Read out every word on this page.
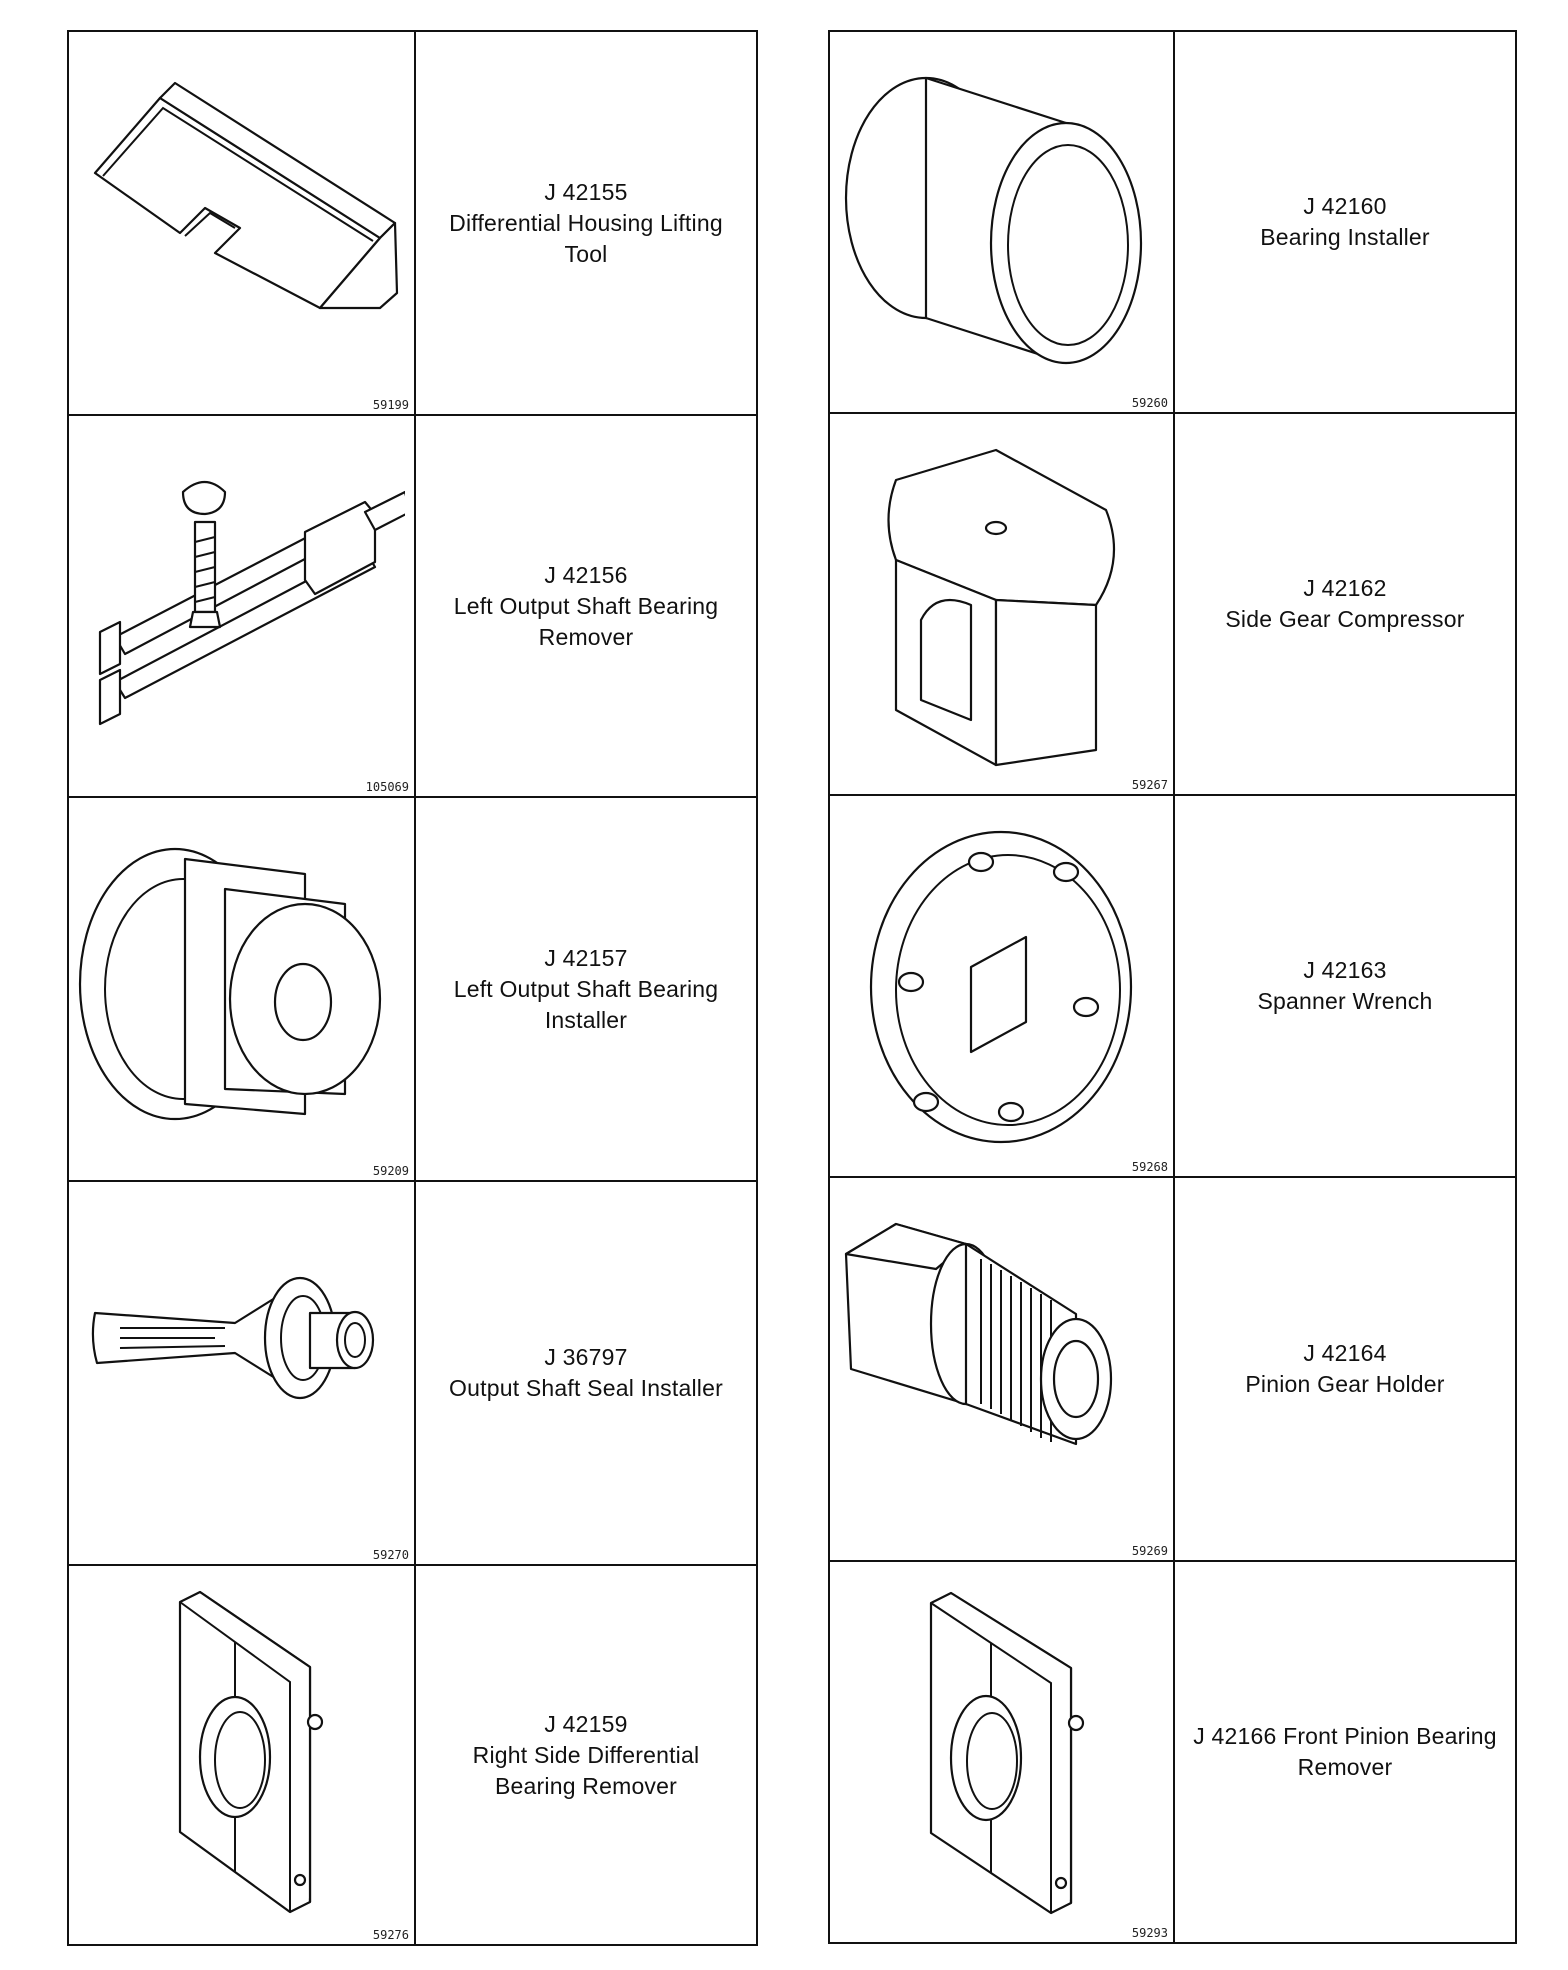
59199
J 42155
Differential Housing Lifting Tool
105069
J 42156
Left Output Shaft Bearing Remover
59209
J 42157
Left Output Shaft Bearing Installer
59270
J 36797
Output Shaft Seal Installer
59276
J 42159
Right Side Differential Bearing Remover
59260
J 42160
Bearing Installer
59267
J 42162
Side Gear Compressor
59268
J 42163
Spanner Wrench
59269
J 42164
Pinion Gear Holder
59293
J 42166 Front Pinion Bearing Remover
